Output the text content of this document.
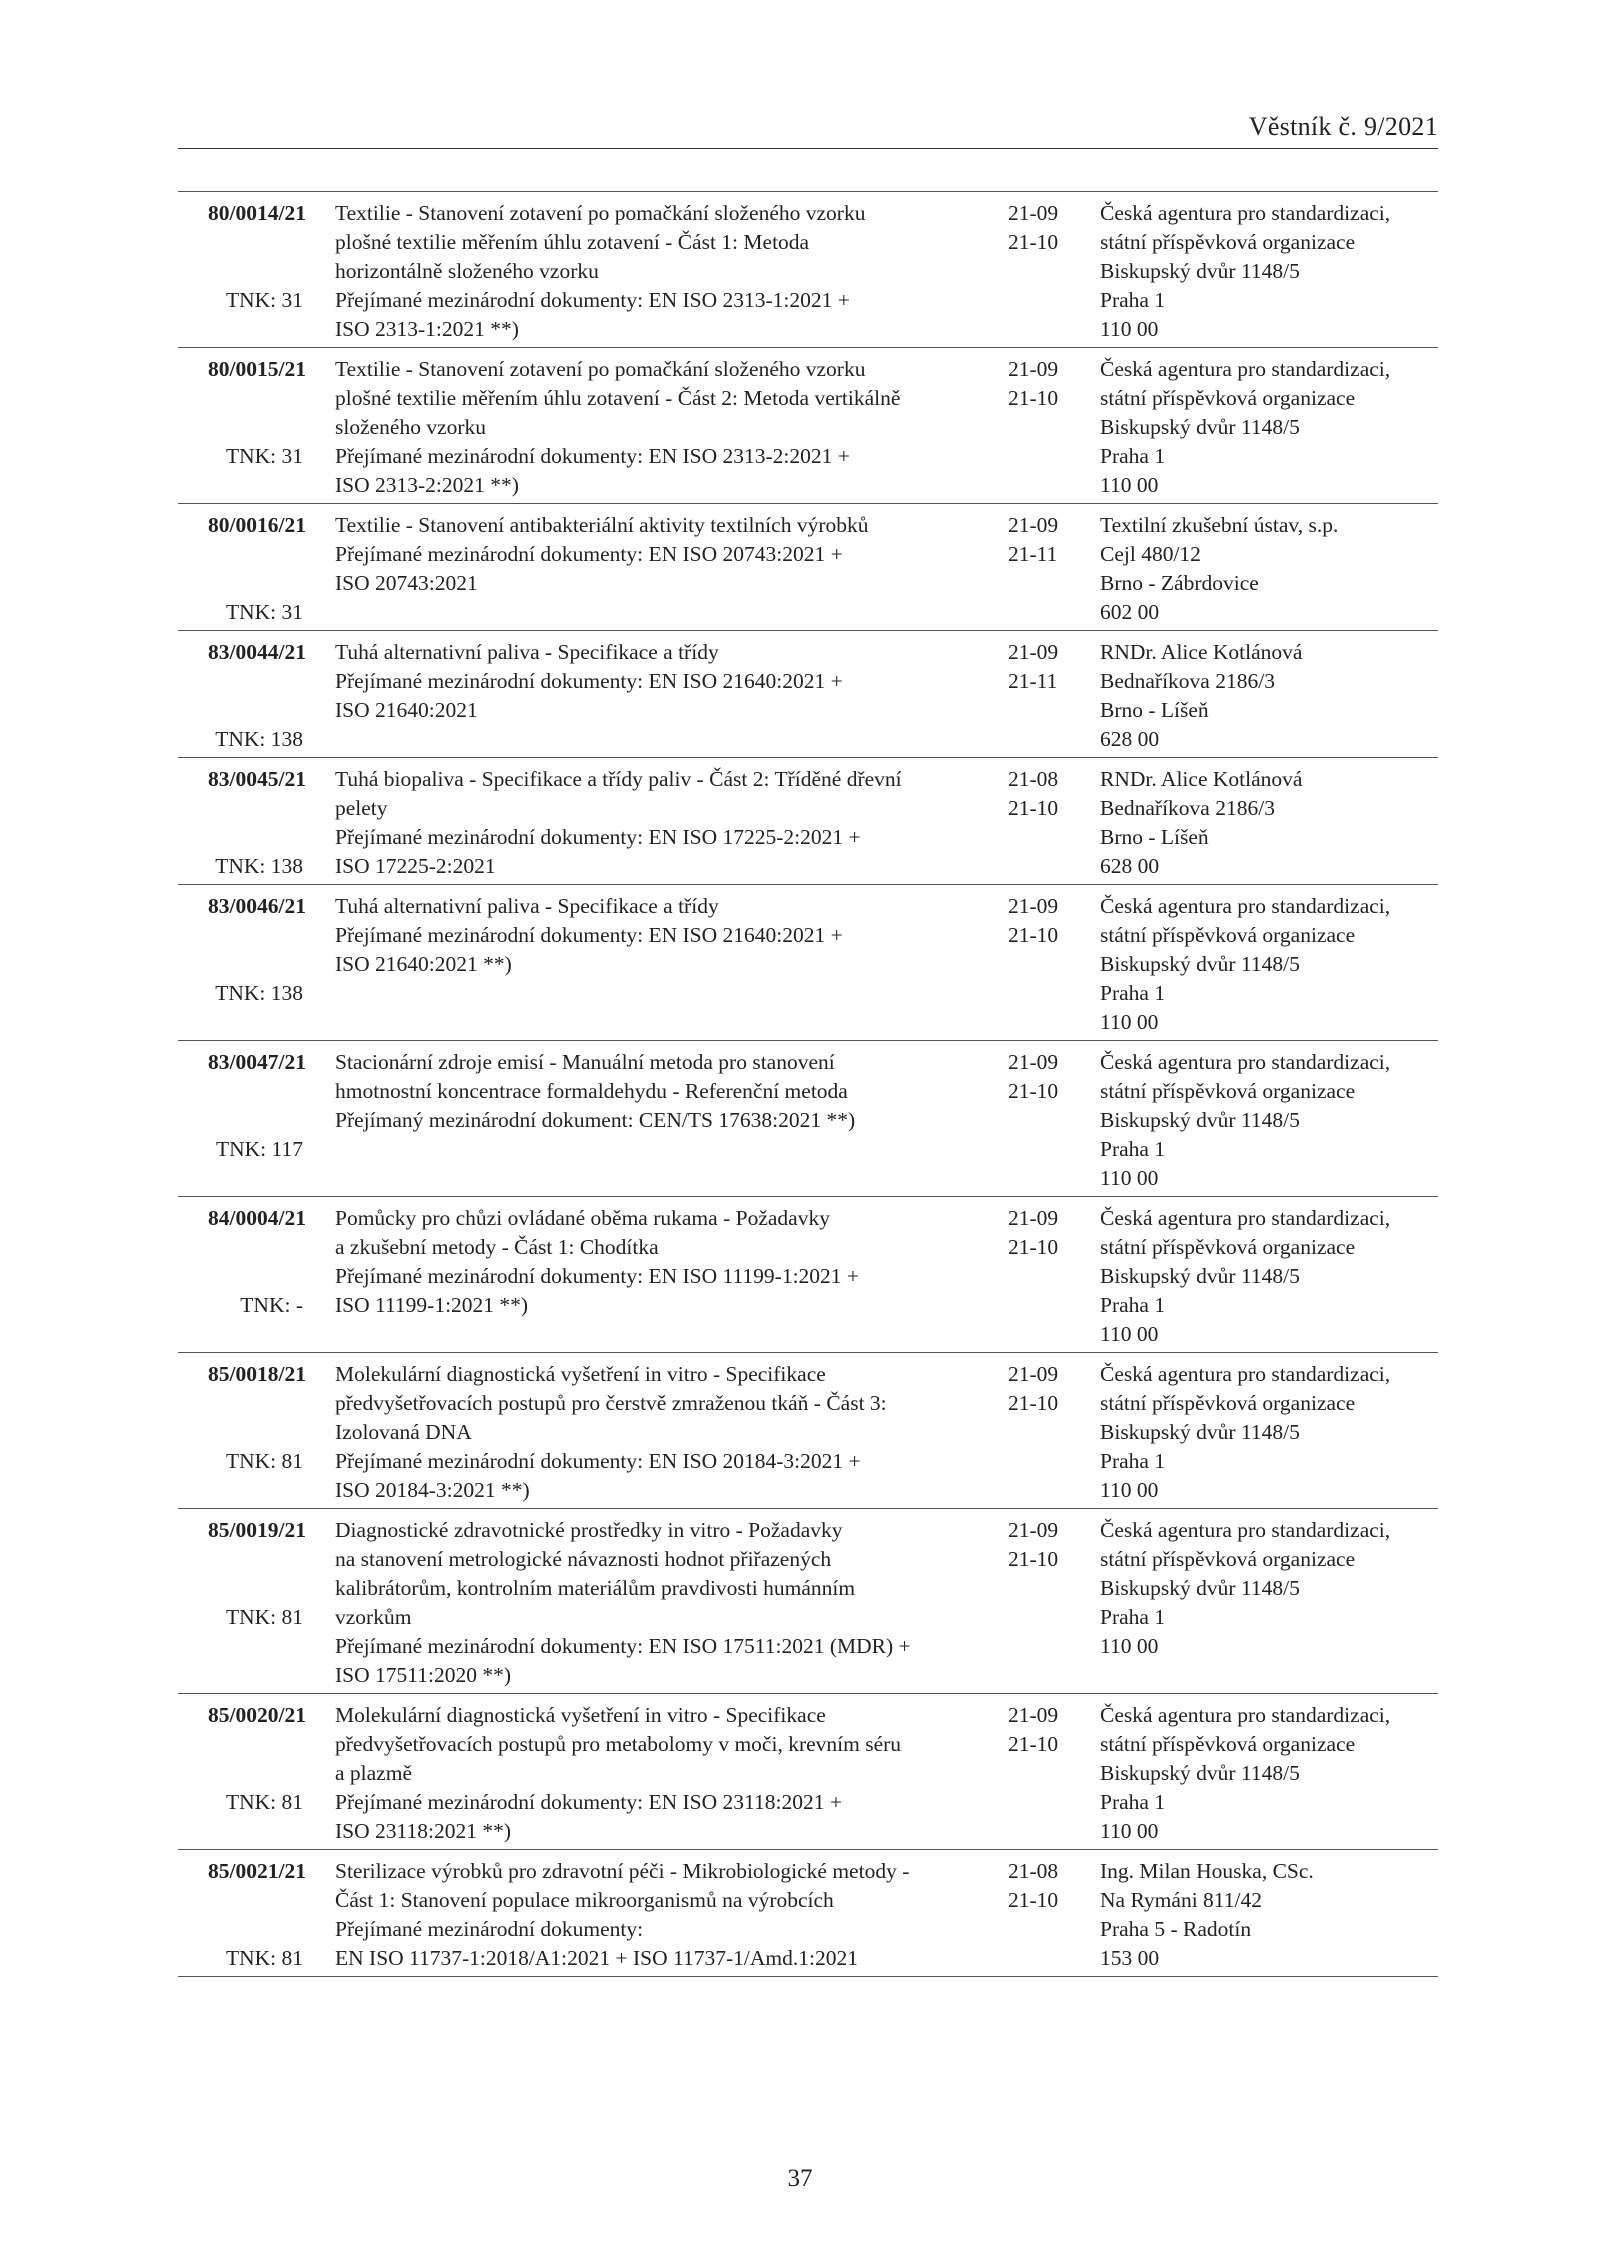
Věstník č. 9/2021
80/0014/21
TNK: 31
Textilie - Stanovení zotavení po pomačkání složeného vzorku
plošné textilie měřením úhlu zotavení - Část 1: Metoda
horizontálně složeného vzorku
Přejímané mezinárodní dokumenty: EN ISO 2313-1:2021 +
ISO 2313-1:2021 **)
21-09
21-10
Česká agentura pro standardizaci,
státní příspěvková organizace
Biskupský dvůr 1148/5
Praha 1
110 00
80/0015/21
TNK: 31
Textilie - Stanovení zotavení po pomačkání složeného vzorku
plošné textilie měřením úhlu zotavení - Část 2: Metoda vertikálně
složeného vzorku
Přejímané mezinárodní dokumenty: EN ISO 2313-2:2021 +
ISO 2313-2:2021 **)
21-09
21-10
Česká agentura pro standardizaci,
státní příspěvková organizace
Biskupský dvůr 1148/5
Praha 1
110 00
80/0016/21
TNK: 31
Textilie - Stanovení antibakteriální aktivity textilních výrobků
Přejímané mezinárodní dokumenty: EN ISO 20743:2021 +
ISO 20743:2021
21-09
21-11
Textilní zkušební ústav, s.p.
Cejl 480/12
Brno - Zábrdovice
602 00
83/0044/21
TNK: 138
Tuhá alternativní paliva - Specifikace a třídy
Přejímané mezinárodní dokumenty: EN ISO 21640:2021 +
ISO 21640:2021
21-09
21-11
RNDr. Alice Kotlánová
Bednaříkova 2186/3
Brno - Líšeň
628 00
83/0045/21
TNK: 138
Tuhá biopaliva - Specifikace a třídy paliv - Část 2: Tříděné dřevní
pelety
Přejímané mezinárodní dokumenty: EN ISO 17225-2:2021 +
ISO 17225-2:2021
21-08
21-10
RNDr. Alice Kotlánová
Bednaříkova 2186/3
Brno - Líšeň
628 00
83/0046/21
TNK: 138
Tuhá alternativní paliva - Specifikace a třídy
Přejímané mezinárodní dokumenty: EN ISO 21640:2021 +
ISO 21640:2021 **)
21-09
21-10
Česká agentura pro standardizaci,
státní příspěvková organizace
Biskupský dvůr 1148/5
Praha 1
110 00
83/0047/21
TNK: 117
Stacionární zdroje emisí - Manuální metoda pro stanovení
hmotnostní koncentrace formaldehydu - Referenční metoda
Přejímaný mezinárodní dokument: CEN/TS 17638:2021 **)
21-09
21-10
Česká agentura pro standardizaci,
státní příspěvková organizace
Biskupský dvůr 1148/5
Praha 1
110 00
84/0004/21
TNK: -
Pomůcky pro chůzi ovládané oběma rukama - Požadavky
a zkušební metody - Část 1: Chodítka
Přejímané mezinárodní dokumenty: EN ISO 11199-1:2021 +
ISO 11199-1:2021 **)
21-09
21-10
Česká agentura pro standardizaci,
státní příspěvková organizace
Biskupský dvůr 1148/5
Praha 1
110 00
85/0018/21
TNK: 81
Molekulární diagnostická vyšetření in vitro - Specifikace
předvyšetřovacích postupů pro čerstvě zmraženou tkáň - Část 3:
Izolovaná DNA
Přejímané mezinárodní dokumenty: EN ISO 20184-3:2021 +
ISO 20184-3:2021 **)
21-09
21-10
Česká agentura pro standardizaci,
státní příspěvková organizace
Biskupský dvůr 1148/5
Praha 1
110 00
85/0019/21
TNK: 81
Diagnostické zdravotnické prostředky in vitro - Požadavky
na stanovení metrologické návaznosti hodnot přiřazených
kalibrátorům, kontrolním materiálům pravdivosti humánním
vzorkům
Přejímané mezinárodní dokumenty: EN ISO 17511:2021 (MDR) +
ISO 17511:2020 **)
21-09
21-10
Česká agentura pro standardizaci,
státní příspěvková organizace
Biskupský dvůr 1148/5
Praha 1
110 00
85/0020/21
TNK: 81
Molekulární diagnostická vyšetření in vitro - Specifikace
předvyšetřovacích postupů pro metabolomy v moči, krevním séru
a plazmě
Přejímané mezinárodní dokumenty: EN ISO 23118:2021 +
ISO 23118:2021 **)
21-09
21-10
Česká agentura pro standardizaci,
státní příspěvková organizace
Biskupský dvůr 1148/5
Praha 1
110 00
85/0021/21
TNK: 81
Sterilizace výrobků pro zdravotní péči - Mikrobiologické metody -
Část 1: Stanovení populace mikroorganismů na výrobcích
Přejímané mezinárodní dokumenty:
EN ISO 11737-1:2018/A1:2021 + ISO 11737-1/Amd.1:2021
21-08
21-10
Ing. Milan Houska, CSc.
Na Rymáni 811/42
Praha 5 - Radotín
153 00
37
